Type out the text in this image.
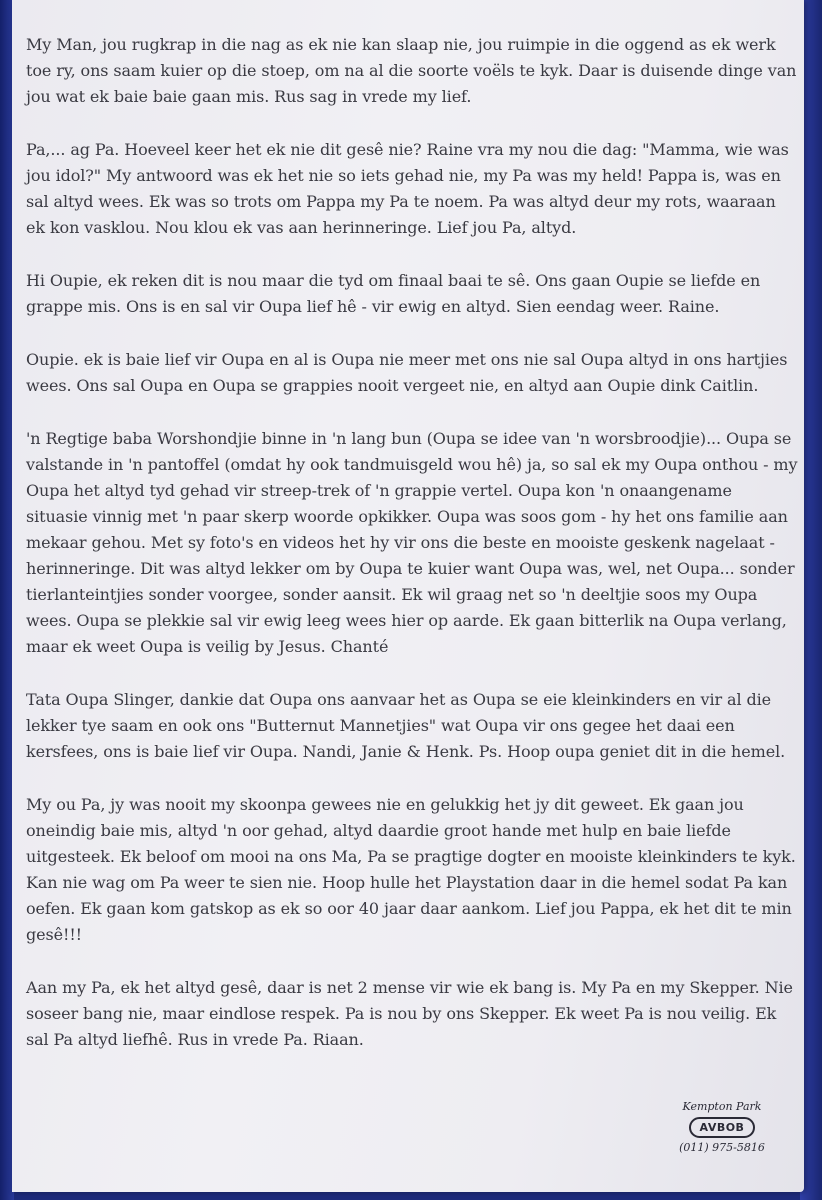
My Man, jou rugkrap in die nag as ek nie kan slaap nie, jou ruimpie in die oggend as ek werk toe ry, ons saam kuier op die stoep, om na al die soorte voëls te kyk. Daar is duisende dinge van jou wat ek baie baie gaan mis. Rus sag in vrede my lief.

Pa,... ag Pa. Hoeveel keer het ek nie dit gesê nie? Raine vra my nou die dag: "Mamma, wie was jou idol?" My antwoord was ek het nie so iets gehad nie, my Pa was my held! Pappa is, was en sal altyd wees. Ek was so trots om Pappa my Pa te noem. Pa was altyd deur my rots, waaraan ek kon vasklou. Nou klou ek vas aan herinneringe. Lief jou Pa, altyd.

Hi Oupie, ek reken dit is nou maar die tyd om finaal baai te sê. Ons gaan Oupie se liefde en grappe mis. Ons is en sal vir Oupa lief hê - vir ewig en altyd. Sien eendag weer. Raine.

Oupie. ek is baie lief vir Oupa en al is Oupa nie meer met ons nie sal Oupa altyd in ons hartjies wees. Ons sal Oupa en Oupa se grappies nooit vergeet nie, en altyd aan Oupie dink Caitlin.

'n Regtige baba Worshondjie binne in 'n lang bun (Oupa se idee van 'n worsbroodjie)... Oupa se valstande in 'n pantoffel (omdat hy ook tandmuisgeld wou hê) ja, so sal ek my Oupa onthou - my Oupa het altyd tyd gehad vir streep-trek of 'n grappie vertel. Oupa kon 'n onaangename situasie vinnig met 'n paar skerp woorde opkikker. Oupa was soos gom - hy het ons familie aan mekaar gehou. Met sy foto's en videos het hy vir ons die beste en mooiste geskenk nagelaat - herinneringe. Dit was altyd lekker om by Oupa te kuier want Oupa was, wel, net Oupa... sonder tierlanteintjies sonder voorgee, sonder aansit. Ek wil graag net so 'n deeltjie soos my Oupa wees. Oupa se plekkie sal vir ewig leeg wees hier op aarde. Ek gaan bitterlik na Oupa verlang, maar ek weet Oupa is veilig by Jesus. Chanté

Tata Oupa Slinger, dankie dat Oupa ons aanvaar het as Oupa se eie kleinkinders en vir al die lekker tye saam en ook ons "Butternut Mannetjies" wat Oupa vir ons gegee het daai een kersfees, ons is baie lief vir Oupa. Nandi, Janie & Henk. Ps. Hoop oupa geniet dit in die hemel.

My ou Pa, jy was nooit my skoonpa gewees nie en gelukkig het jy dit geweet. Ek gaan jou oneindig baie mis, altyd 'n oor gehad, altyd daardie groot hande met hulp en baie liefde uitgesteek. Ek beloof om mooi na ons Ma, Pa se pragtige dogter en mooiste kleinkinders te kyk. Kan nie wag om Pa weer te sien nie. Hoop hulle het Playstation daar in die hemel sodat Pa kan oefen. Ek gaan kom gatskop as ek so oor 40 jaar daar aankom. Lief jou Pappa, ek het dit te min gesê!!!

Aan my Pa, ek het altyd gesê, daar is net 2 mense vir wie ek bang is. My Pa en my Skepper. Nie soseer bang nie, maar eindlose respek. Pa is nou by ons Skepper. Ek weet Pa is nou veilig. Ek sal Pa altyd liefhê. Rus in vrede Pa. Riaan.

Kempton Park
AVBOB
(011) 975-5816
